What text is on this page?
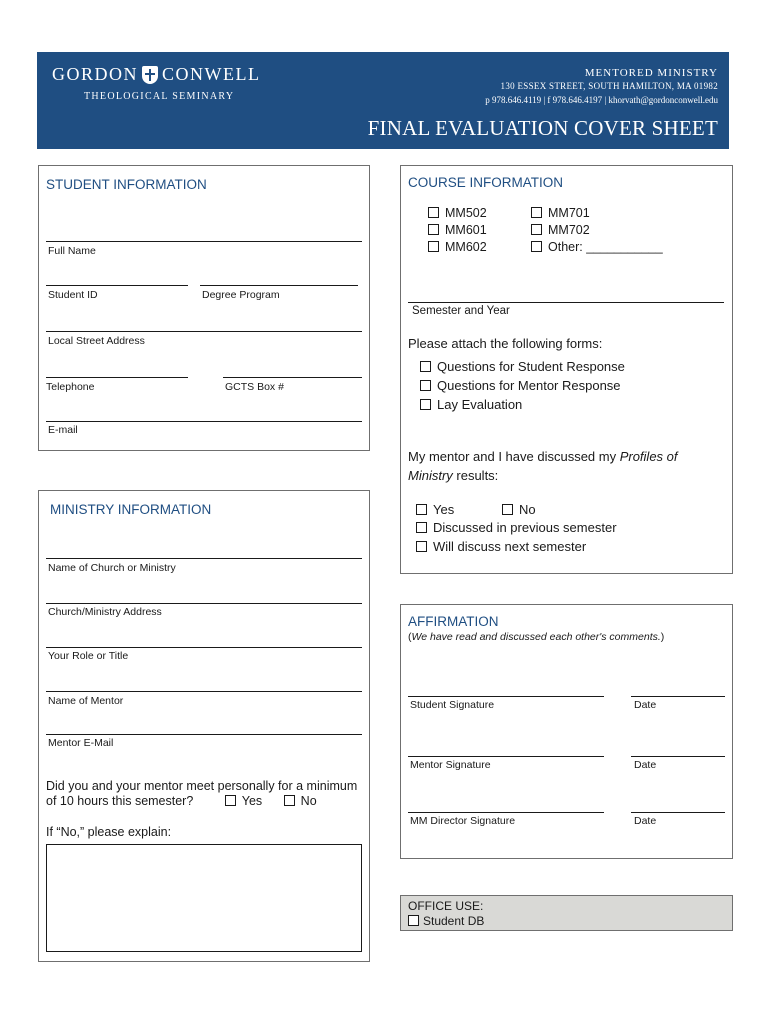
GORDON CONWELL
THEOLOGICAL SEMINARY
MENTORED MINISTRY
130 ESSEX STREET, SOUTH HAMILTON, MA 01982
p 978.646.4119 | f 978.646.4197 | khorvath@gordonconwell.edu
FINAL EVALUATION COVER SHEET
STUDENT INFORMATION
Full Name
Student ID	Degree Program
Local Street Address
Telephone	GCTS Box #
E-mail
MINISTRY INFORMATION
Name of Church or Ministry
Church/Ministry Address
Your Role or Title
Name of Mentor
Mentor E-Mail
Did you and your mentor meet personally for a minimum
of 10 hours this semester?	Yes	No
If “No,” please explain:
COURSE INFORMATION
MM502
MM601
MM602
MM701
MM702
Other: ___________
Semester and Year
Please attach the following forms:
Questions for Student Response
Questions for Mentor Response
Lay Evaluation
My mentor and I have discussed my Profiles of
Ministry results:
Yes	No
Discussed in previous semester
Will discuss next semester
AFFIRMATION
(We have read and discussed each other's comments.)
Student Signature	Date
Mentor Signature	Date
MM Director Signature	Date
OFFICE USE:
Student DB
